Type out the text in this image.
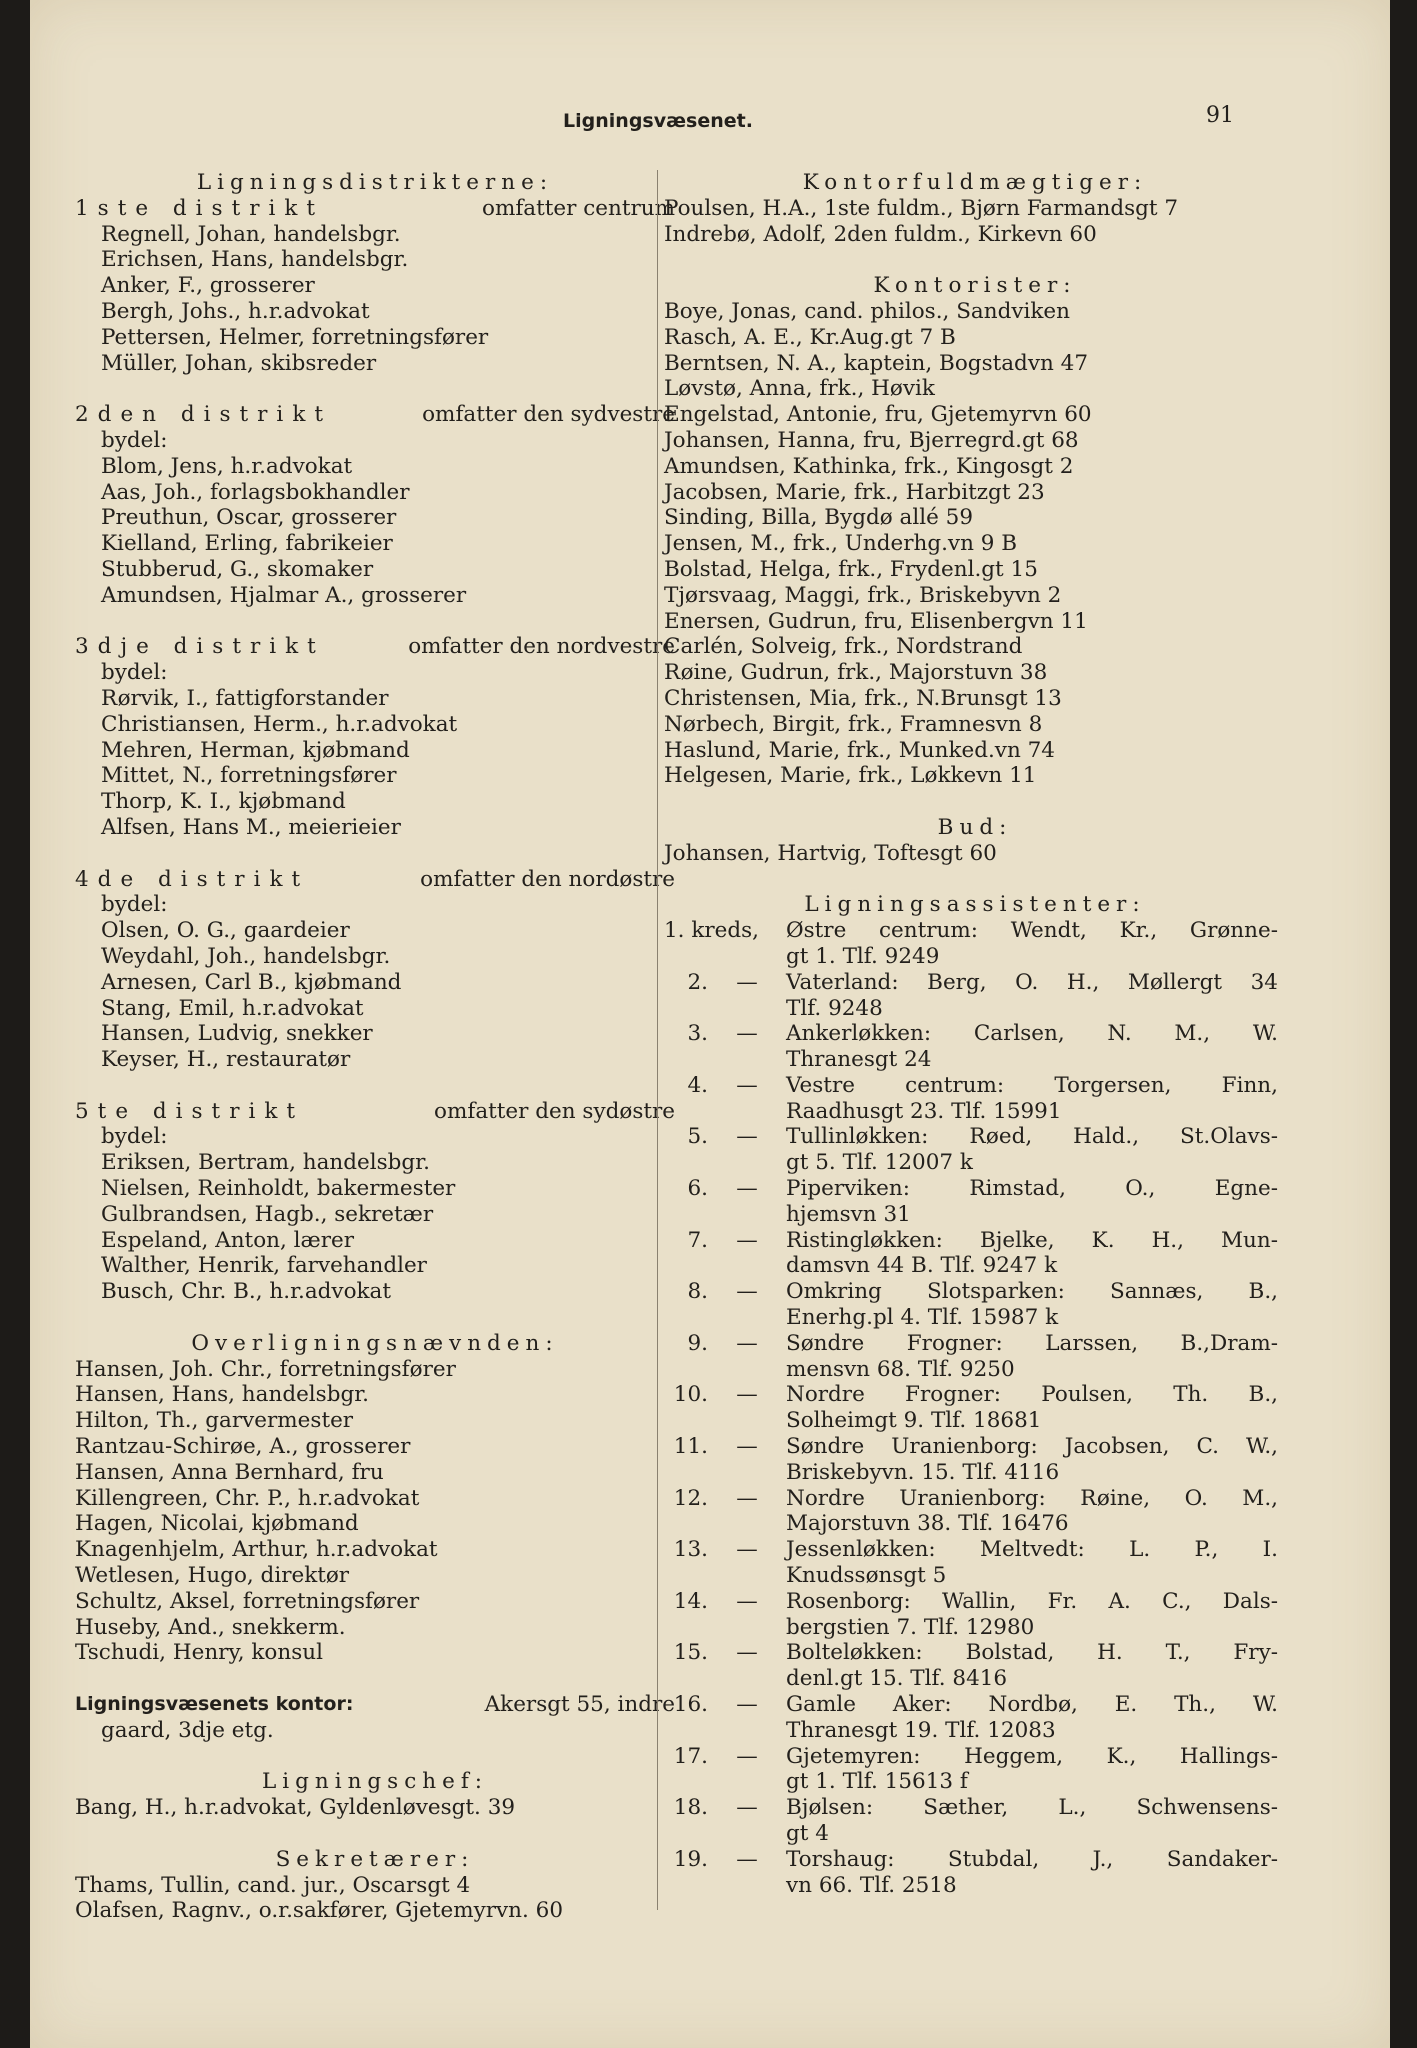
Ligningsvæsenet.	91
Ligningsdistrikterne:
1ste distrikt	omfatter centrum
Regnell, Johan, handelsbgr.
Erichsen, Hans, handelsbgr.
Anker, F., grosserer
Bergh, Johs., h.r.advokat
Pettersen, Helmer, forretningsfører
Müller, Johan, skibsreder
2den distrikt	omfatter den sydvestre
bydel:
Blom, Jens, h.r.advokat
Aas, Joh., forlagsbokhandler
Preuthun, Oscar, grosserer
Kielland, Erling, fabrikeier
Stubberud, G., skomaker
Amundsen, Hjalmar A., grosserer
3dje distrikt	omfatter den nordvestre
bydel:
Rørvik, I., fattigforstander
Christiansen, Herm., h.r.advokat
Mehren, Herman, kjøbmand
Mittet, N., forretningsfører
Thorp, K. I., kjøbmand
Alfsen, Hans M., meierieier
4de distrikt	omfatter den nordøstre
bydel:
Olsen, O. G., gaardeier
Weydahl, Joh., handelsbgr.
Arnesen, Carl B., kjøbmand
Stang, Emil, h.r.advokat
Hansen, Ludvig, snekker
Keyser, H., restauratør
5te distrikt	omfatter den sydøstre
bydel:
Eriksen, Bertram, handelsbgr.
Nielsen, Reinholdt, bakermester
Gulbrandsen, Hagb., sekretær
Espeland, Anton, lærer
Walther, Henrik, farvehandler
Busch, Chr. B., h.r.advokat
Overligningsnævnden:
Hansen, Joh. Chr., forretningsfører
Hansen, Hans, handelsbgr.
Hilton, Th., garvermester
Rantzau-Schirøe, A., grosserer
Hansen, Anna Bernhard, fru
Killengreen, Chr. P., h.r.advokat
Hagen, Nicolai, kjøbmand
Knagenhjelm, Arthur, h.r.advokat
Wetlesen, Hugo, direktør
Schultz, Aksel, forretningsfører
Huseby, And., snekkerm.
Tschudi, Henry, konsul
Ligningsvæsenets kontor:	Akersgt 55, indre
gaard, 3dje etg.
Ligningschef:
Bang, H., h.r.advokat, Gyldenløvesgt. 39
Sekretærer:
Thams, Tullin, cand. jur., Oscarsgt 4
Olafsen, Ragnv., o.r.sakfører, Gjetemyrvn. 60
Kontorfuldmægtiger:
Poulsen, H.A., 1ste fuldm., Bjørn Farmandsgt 7
Indrebø, Adolf, 2den fuldm., Kirkevn 60
Kontorister:
Boye, Jonas, cand. philos., Sandviken
Rasch, A. E., Kr.Aug.gt 7 B
Berntsen, N. A., kaptein, Bogstadvn 47
Løvstø, Anna, frk., Høvik
Engelstad, Antonie, fru, Gjetemyrvn 60
Johansen, Hanna, fru, Bjerregrd.gt 68
Amundsen, Kathinka, frk., Kingosgt 2
Jacobsen, Marie, frk., Harbitzgt 23
Sinding, Billa, Bygdø allé 59
Jensen, M., frk., Underhg.vn 9 B
Bolstad, Helga, frk., Frydenl.gt 15
Tjørsvaag, Maggi, frk., Briskebyvn 2
Enersen, Gudrun, fru, Elisenbergvn 11
Carlén, Solveig, frk., Nordstrand
Røine, Gudrun, frk., Majorstuvn 38
Christensen, Mia, frk., N.Brunsgt 13
Nørbech, Birgit, frk., Framnesvn 8
Haslund, Marie, frk., Munked.vn 74
Helgesen, Marie, frk., Løkkevn 11
Bud:
Johansen, Hartvig, Toftesgt 60
Ligningsassistenter:
1. kreds,	Østre centrum: Wendt, Kr., Grønne-
gt 1. Tlf. 9249
2.	—	Vaterland: Berg, O. H., Møllergt 34
Tlf. 9248
3.	—	Ankerløkken: Carlsen, N. M., W.
Thranesgt 24
4.	—	Vestre centrum: Torgersen, Finn,
Raadhusgt 23. Tlf. 15991
5.	—	Tullinløkken: Røed, Hald., St.Olavs-
gt 5. Tlf. 12007 k
6.	—	Piperviken: Rimstad, O., Egne-
hjemsvn 31
7.	—	Ristingløkken: Bjelke, K. H., Mun-
damsvn 44 B. Tlf. 9247 k
8.	—	Omkring Slotsparken: Sannæs, B.,
Enerhg.pl 4. Tlf. 15987 k
9.	—	Søndre Frogner: Larssen, B.,Dram-
mensvn 68. Tlf. 9250
10.	—	Nordre Frogner: Poulsen, Th. B.,
Solheimgt 9. Tlf. 18681
11.	—	Søndre Uranienborg: Jacobsen, C. W.,
Briskebyvn. 15. Tlf. 4116
12.	—	Nordre Uranienborg: Røine, O. M.,
Majorstuvn 38. Tlf. 16476
13.	—	Jessenløkken: Meltvedt: L. P., I.
Knudssønsgt 5
14.	—	Rosenborg: Wallin, Fr. A. C., Dals-
bergstien 7. Tlf. 12980
15.	—	Bolteløkken: Bolstad, H. T., Fry-
denl.gt 15. Tlf. 8416
16.	—	Gamle Aker: Nordbø, E. Th., W.
Thranesgt 19. Tlf. 12083
17.	—	Gjetemyren: Heggem, K., Hallings-
gt 1. Tlf. 15613 f
18.	—	Bjølsen: Sæther, L., Schwensens-
gt 4
19.	—	Torshaug: Stubdal, J., Sandaker-
vn 66. Tlf. 2518
